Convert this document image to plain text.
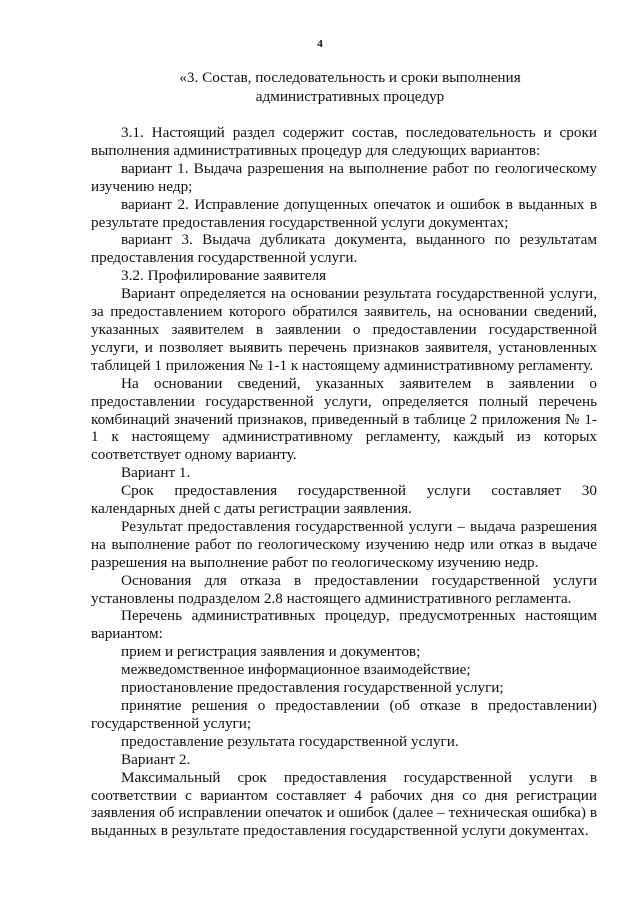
4
«3. Состав, последовательность и сроки выполнения
административных процедур

3.1. Настоящий раздел содержит состав, последовательность и сроки выполнения административных процедур для следующих вариантов:

вариант 1. Выдача разрешения на выполнение работ по геологическому изучению недр;

вариант 2. Исправление допущенных опечаток и ошибок в выданных в результате предоставления государственной услуги документах;

вариант 3. Выдача дубликата документа, выданного по результатам предоставления государственной услуги.

3.2. Профилирование заявителя

Вариант определяется на основании результата государственной услуги, за предоставлением которого обратился заявитель, на основании сведений, указанных заявителем в заявлении о предоставлении государственной услуги, и позволяет выявить перечень признаков заявителя, установленных таблицей 1 приложения № 1-1 к настоящему административному регламенту.

На основании сведений, указанных заявителем в заявлении о предоставлении государственной услуги, определяется полный перечень комбинаций значений признаков, приведенный в таблице 2 приложения № 1-1 к настоящему административному регламенту, каждый из которых соответствует одному варианту.

Вариант 1.

Срок предоставления государственной услуги составляет 30 календарных дней с даты регистрации заявления.

Результат предоставления государственной услуги – выдача разрешения на выполнение работ по геологическому изучению недр или отказ в выдаче разрешения на выполнение работ по геологическому изучению недр.

Основания для отказа в предоставлении государственной услуги установлены подразделом 2.8 настоящего административного регламента.

Перечень административных процедур, предусмотренных настоящим вариантом:

прием и регистрация заявления и документов;

межведомственное информационное взаимодействие;

приостановление предоставления государственной услуги;

принятие решения о предоставлении (об отказе в предоставлении) государственной услуги;

предоставление результата государственной услуги.

Вариант 2.

Максимальный срок предоставления государственной услуги в соответствии с вариантом составляет 4 рабочих дня со дня регистрации заявления об исправлении опечаток и ошибок (далее – техническая ошибка) в выданных в результате предоставления государственной услуги документах.
